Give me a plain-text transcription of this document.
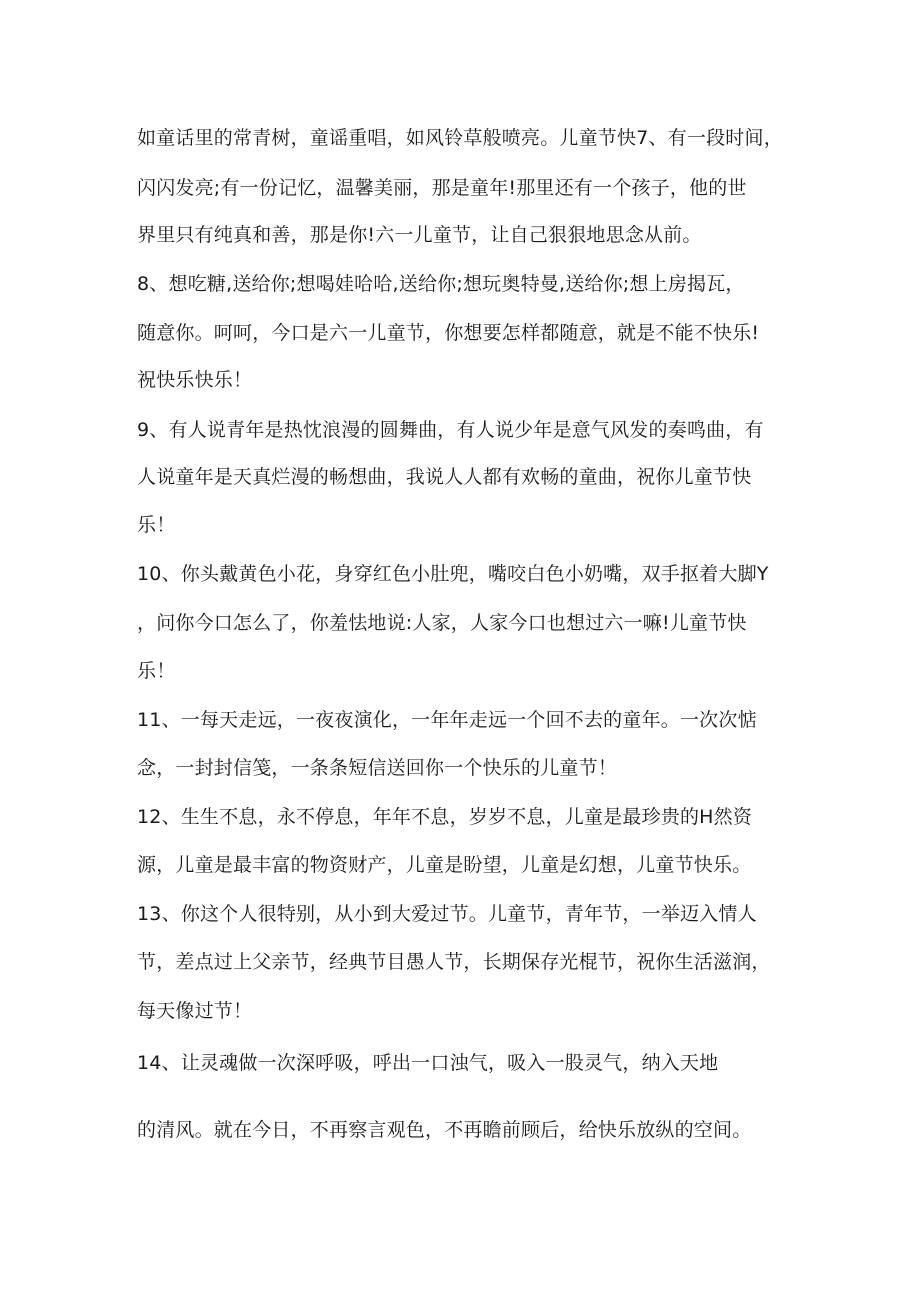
如童话里的常青树，童谣重唱，如风铃草般喷亮。儿童节快7、有一段时间，
闪闪发亮;有一份记忆，温馨美丽，那是童年!那里还有一个孩子，他的世
界里只有纯真和善，那是你!六一儿童节，让自己狠狠地思念从前。
8、想吃糖,送给你;想喝娃哈哈,送给你;想玩奥特曼,送给你;想上房揭瓦，
随意你。呵呵，今口是六一儿童节，你想要怎样都随意，就是不能不快乐!
祝快乐快乐！
9、有人说青年是热忱浪漫的圆舞曲，有人说少年是意气风发的奏鸣曲，有
人说童年是天真烂漫的畅想曲，我说人人都有欢畅的童曲，祝你儿童节快
乐！
10、你头戴黄色小花，身穿红色小肚兜，嘴咬白色小奶嘴，双手抠着大脚Y
，问你今口怎么了，你羞怯地说:人家，人家今口也想过六一嘛!儿童节快
乐！
11、一每天走远，一夜夜演化，一年年走远一个回不去的童年。一次次惦
念，一封封信笺，一条条短信送回你一个快乐的儿童节！
12、生生不息，永不停息，年年不息，岁岁不息，儿童是最珍贵的H然资
源，儿童是最丰富的物资财产，儿童是盼望，儿童是幻想，儿童节快乐。
13、你这个人很特别，从小到大爱过节。儿童节，青年节，一举迈入情人
节，差点过上父亲节，经典节目愚人节，长期保存光棍节，祝你生活滋润，
每天像过节！
14、让灵魂做一次深呼吸，呼出一口浊气，吸入一股灵气，纳入天地
的清风。就在今日，不再察言观色，不再瞻前顾后，给快乐放纵的空间。
